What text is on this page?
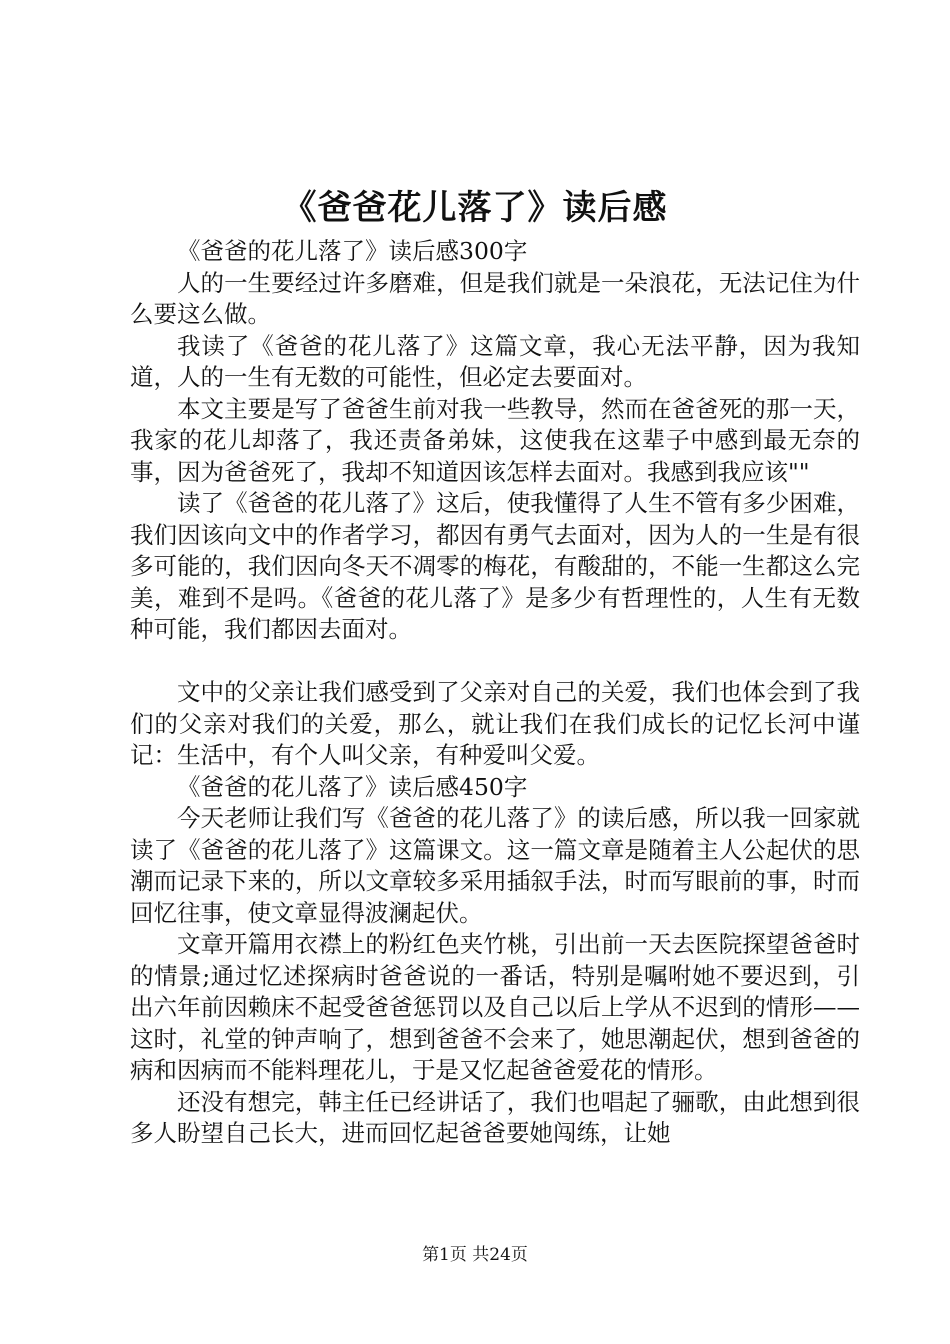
《爸爸花儿落了》读后感

《爸爸的花儿落了》读后感300字

人的一生要经过许多磨难，但是我们就是一朵浪花，无法记住为什么要这么做。

我读了《爸爸的花儿落了》这篇文章，我心无法平静，因为我知道，人的一生有无数的可能性，但必定去要面对。

本文主要是写了爸爸生前对我一些教导，然而在爸爸死的那一天，我家的花儿却落了，我还责备弟妹，这使我在这辈子中感到最无奈的事，因为爸爸死了，我却不知道因该怎样去面对。我感到我应该""

读了《爸爸的花儿落了》这后，使我懂得了人生不管有多少困难，我们因该向文中的作者学习，都因有勇气去面对，因为人的一生是有很多可能的，我们因向冬天不凋零的梅花，有酸甜的，不能一生都这么完美，难到不是吗。《爸爸的花儿落了》是多少有哲理性的，人生有无数种可能，我们都因去面对。

文中的父亲让我们感受到了父亲对自己的关爱，我们也体会到了我们的父亲对我们的关爱，那么，就让我们在我们成长的记忆长河中谨记：生活中，有个人叫父亲，有种爱叫父爱。

《爸爸的花儿落了》读后感450字

今天老师让我们写《爸爸的花儿落了》的读后感，所以我一回家就读了《爸爸的花儿落了》这篇课文。这一篇文章是随着主人公起伏的思潮而记录下来的，所以文章较多采用插叙手法，时而写眼前的事，时而回忆往事，使文章显得波澜起伏。

文章开篇用衣襟上的粉红色夹竹桃，引出前一天去医院探望爸爸时的情景;通过忆述探病时爸爸说的一番话，特别是嘱咐她不要迟到，引出六年前因赖床不起受爸爸惩罚以及自己以后上学从不迟到的情形——这时，礼堂的钟声响了，想到爸爸不会来了，她思潮起伏，想到爸爸的病和因病而不能料理花儿，于是又忆起爸爸爱花的情形。

还没有想完，韩主任已经讲话了，我们也唱起了骊歌，由此想到很多人盼望自己长大，进而回忆起爸爸要她闯练，让她

第1页 共24页
